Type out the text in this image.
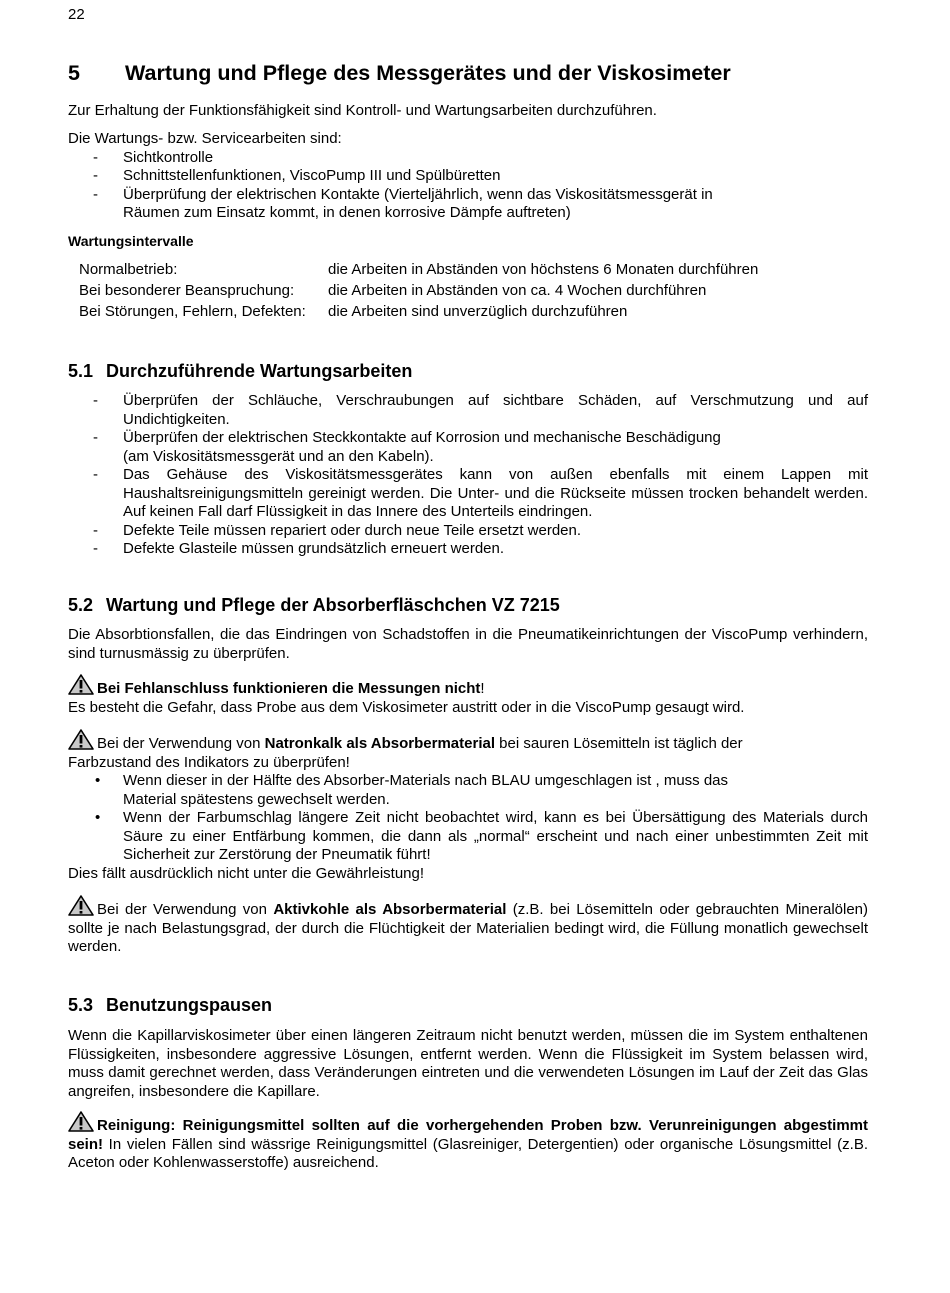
22
5 Wartung und Pflege des Messgerätes und der Viskosimeter
Zur Erhaltung der Funktionsfähigkeit sind Kontroll- und Wartungsarbeiten durchzuführen.
Die Wartungs- bzw. Servicearbeiten sind:
- Sichtkontrolle
- Schnittstellenfunktionen, ViscoPump III und Spülbüretten
- Überprüfung der elektrischen Kontakte (Vierteljährlich, wenn das Viskositätsmessgerät in Räumen zum Einsatz kommt, in denen korrosive Dämpfe auftreten)
Wartungsintervalle
Normalbetrieb:	die Arbeiten in Abständen von höchstens 6 Monaten durchführen
Bei besonderer Beanspruchung:	die Arbeiten in Abständen von ca. 4 Wochen durchführen
Bei Störungen, Fehlern, Defekten:	die Arbeiten sind unverzüglich durchzuführen
5.1 Durchzuführende Wartungsarbeiten
- Überprüfen der Schläuche, Verschraubungen auf sichtbare Schäden, auf Verschmutzung und auf Undichtigkeiten.
- Überprüfen der elektrischen Steckkontakte auf Korrosion und mechanische Beschädigung
(am Viskositätsmessgerät und an den Kabeln).
- Das Gehäuse des Viskositätsmessgerätes kann von außen ebenfalls mit einem Lappen mit Haushaltsreinigungsmitteln gereinigt werden. Die Unter- und die Rückseite müssen trocken behandelt werden. Auf keinen Fall darf Flüssigkeit in das Innere des Unterteils eindringen.
- Defekte Teile müssen repariert oder durch neue Teile ersetzt werden.
- Defekte Glasteile müssen grundsätzlich erneuert werden.
5.2 Wartung und Pflege der Absorberfläschchen VZ 7215
Die Absorbtionsfallen, die das Eindringen von Schadstoffen in die Pneumatikeinrichtungen der ViscoPump verhindern, sind turnusmässig zu überprüfen.
Bei Fehlanschluss funktionieren die Messungen nicht!
Es besteht die Gefahr, dass Probe aus dem Viskosimeter austritt oder in die ViscoPump gesaugt wird.
Bei der Verwendung von Natronkalk als Absorbermaterial bei sauren Lösemitteln ist täglich der Farbzustand des Indikators zu überprüfen!
• Wenn dieser in der Hälfte des Absorber-Materials nach BLAU umgeschlagen ist , muss das Material spätestens gewechselt werden.
• Wenn der Farbumschlag längere Zeit nicht beobachtet wird, kann es bei Übersättigung des Materials durch Säure zu einer Entfärbung kommen, die dann als „normal“ erscheint und nach einer unbestimmten Zeit mit Sicherheit zur Zerstörung der Pneumatik führt!
Dies fällt ausdrücklich nicht unter die Gewährleistung!
Bei der Verwendung von Aktivkohle als Absorbermaterial (z.B. bei Lösemitteln oder gebrauchten Mineralölen) sollte je nach Belastungsgrad, der durch die Flüchtigkeit der Materialien bedingt wird, die Füllung monatlich gewechselt werden.
5.3 Benutzungspausen
Wenn die Kapillarviskosimeter über einen längeren Zeitraum nicht benutzt werden, müssen die im System enthaltenen Flüssigkeiten, insbesondere aggressive Lösungen, entfernt werden. Wenn die Flüssigkeit im System belassen wird, muss damit gerechnet werden, dass Veränderungen eintreten und die verwendeten Lösungen im Lauf der Zeit das Glas angreifen, insbesondere die Kapillare.
Reinigung: Reinigungsmittel sollten auf die vorhergehenden Proben bzw. Verunreinigungen abgestimmt sein! In vielen Fällen sind wässrige Reinigungsmittel (Glasreiniger, Detergentien) oder organische Lösungsmittel (z.B. Aceton oder Kohlenwasserstoffe) ausreichend.
